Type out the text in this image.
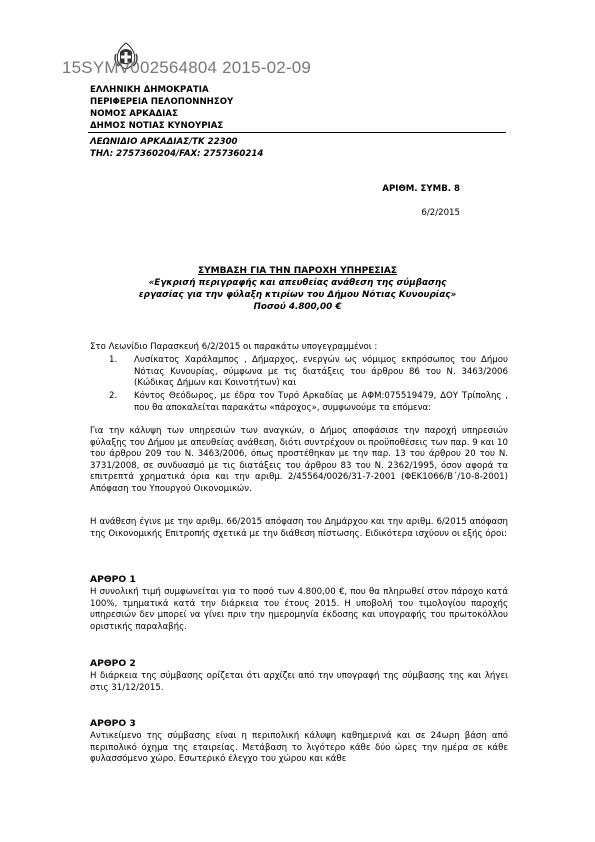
15SYMV002564804 2015-02-09
ΕΛΛΗΝΙΚΗ ΔΗΜΟΚΡΑΤΙΑ
ΠΕΡΙΦΕΡΕΙΑ ΠΕΛΟΠΟΝΝΗΣΟΥ
ΝΟΜΟΣ ΑΡΚΑΔΙΑΣ
ΔΗΜΟΣ ΝΟΤΙΑΣ ΚΥΝΟΥΡΙΑΣ
ΛΕΩΝΙΔΙΟ ΑΡΚΑΔΙΑΣ/ΤΚ 22300
ΤΗΛ: 2757360204/FAX: 2757360214
ΑΡΙΘΜ. ΣΥΜΒ. 8
6/2/2015
ΣΥΜΒΑΣΗ ΓΙΑ ΤΗΝ ΠΑΡΟΧΗ ΥΠΗΡΕΣΙΑΣ
«Εγκρισή περιγραφής και απευθείας ανάθεση της σύμβασης
εργασίας για την φύλαξη κτιρίων του Δήμου Νότιας Κυνουρίας»
Ποσού 4.800,00 €
Στο Λεωνίδιο Παρασκευή 6/2/2015 οι παρακάτω υπογεγραμμένοι :
1. Λυσίκατος Χαράλαμπος , Δήμαρχος, ενεργών ως νόμιμος εκπρόσωπος του Δήμου Νότιας Κυνουρίας, σύμφωνα με τις διατάξεις του άρθρου 86 του Ν. 3463/2006 (Κώδικας Δήμων και Κοινοτήτων) και
2. Κόντος Θεόδωρος, με έδρα τον Τυρό Αρκαδίας με ΑΦΜ:075519479, ΔΟΥ Τρίπολης , που θα αποκαλείται παρακάτω «πάροχος», συμφωνούμε τα επόμενα:
Για την κάλυψη των υπηρεσιών των αναγκών, ο Δήμος αποφάσισε την παροχή υπηρεσιών φύλαξης του Δήμου με απευθείας ανάθεση, διότι συντρέχουν οι προϋποθέσεις των παρ. 9 και 10 του άρθρου 209 του Ν. 3463/2006, όπως προστέθηκαν με την παρ. 13 του άρθρου 20 του Ν. 3731/2008, σε συνδυασμό με τις διατάξεις του άρθρου 83 του Ν. 2362/1995, όσον αφορά τα επιτρεπτά χρηματικά όρια και την αριθμ. 2/45564/0026/31-7-2001 (ΦΕΚ1066/Β΄/10-8-2001) Απόφαση του Υπουργού Οικονομικών.
Η ανάθεση έγινε με την αριθμ. 66/2015 απόφαση του Δημάρχου και την αριθμ. 6/2015 απόφαση της Οικονομικής Επιτροπής σχετικά με την διάθεση πίστωσης. Ειδικότερα ισχύουν οι εξής όροι:
ΑΡΘΡΟ 1
Η συνολική τιμή συμφωνείται για το ποσό των 4.800,00 €, που θα πληρωθεί στον πάροχο κατά 100%, τμηματικά κατά την διάρκεια του έτους 2015. Η υποβολή του τιμολογίου παροχής υπηρεσιών δεν μπορεί να γίνει πριν την ημερομηνία έκδοσης και υπογραφής του πρωτοκόλλου οριστικής παραλαβής.
ΑΡΘΡΟ 2
Η διάρκεια της σύμβασης ορίζεται ότι αρχίζει από την υπογραφή της σύμβασης της και λήγει στις 31/12/2015.
ΑΡΘΡΟ 3
Αντικείμενο της σύμβασης είναι η περιπολική κάλυψη καθημερινά και σε 24ωρη βάση από περιπολικό όχημα της εταιρείας. Μετάβαση το λιγότερο κάθε δύο ώρες την ημέρα σε κάθε φυλασσόμενο χώρο. Εσωτερικό έλεγχο του χώρου και κάθε
